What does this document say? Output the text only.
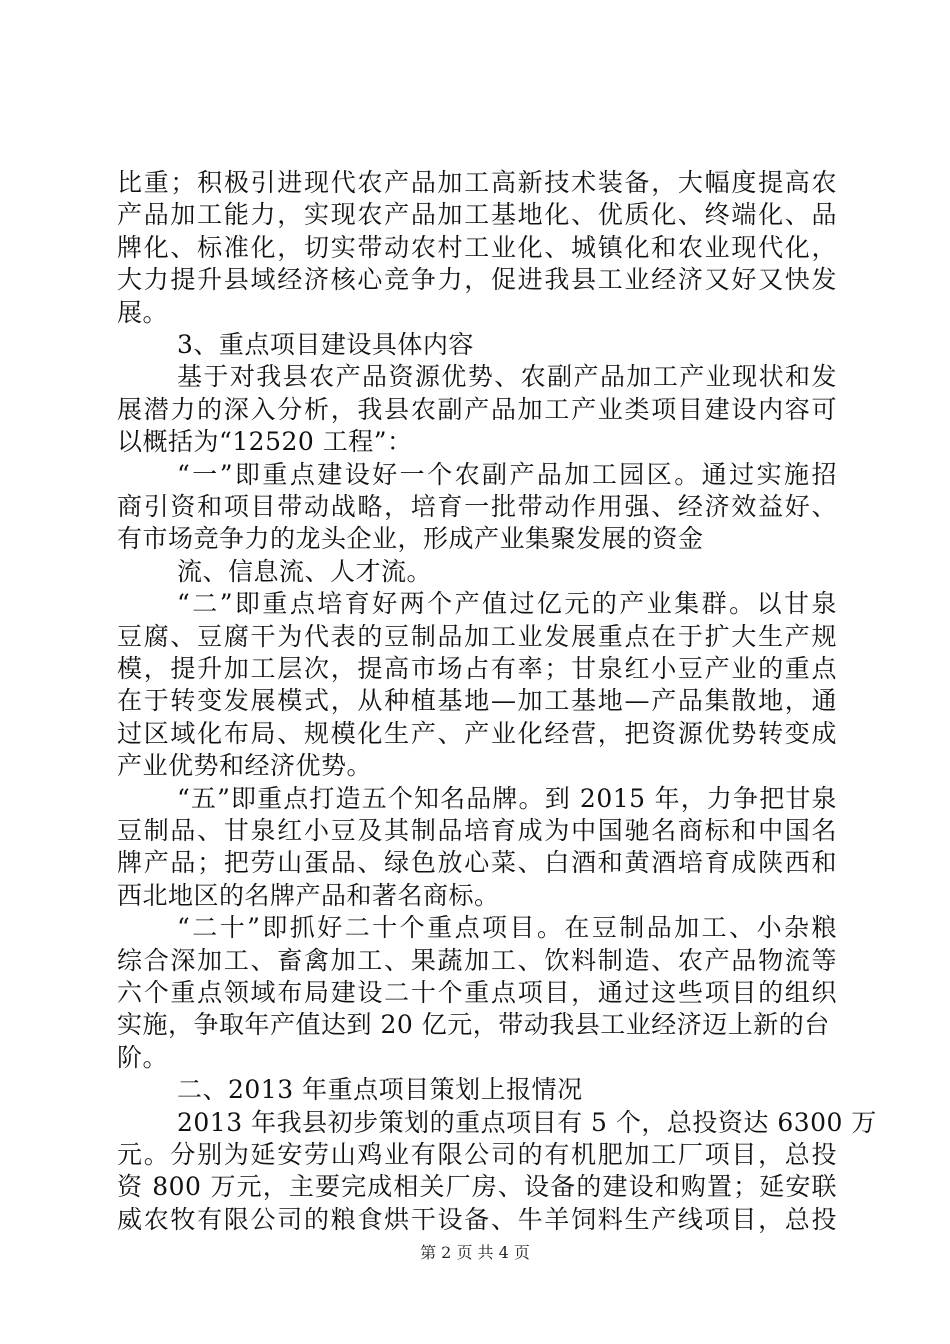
比重；积极引进现代农产品加工高新技术装备，大幅度提高农
产品加工能力，实现农产品加工基地化、优质化、终端化、品
牌化、标准化，切实带动农村工业化、城镇化和农业现代化，
大力提升县域经济核心竞争力，促进我县工业经济又好又快发
展。
3、重点项目建设具体内容
基于对我县农产品资源优势、农副产品加工产业现状和发
展潜力的深入分析，我县农副产品加工产业类项目建设内容可
以概括为“12520 工程”：
“一”即重点建设好一个农副产品加工园区。通过实施招
商引资和项目带动战略，培育一批带动作用强、经济效益好、
有市场竞争力的龙头企业，形成产业集聚发展的资金
流、信息流、人才流。
“二”即重点培育好两个产值过亿元的产业集群。以甘泉
豆腐、豆腐干为代表的豆制品加工业发展重点在于扩大生产规
模，提升加工层次，提高市场占有率；甘泉红小豆产业的重点
在于转变发展模式，从种植基地—加工基地—产品集散地，通
过区域化布局、规模化生产、产业化经营，把资源优势转变成
产业优势和经济优势。
“五”即重点打造五个知名品牌。到 2015 年，力争把甘泉
豆制品、甘泉红小豆及其制品培育成为中国驰名商标和中国名
牌产品；把劳山蛋品、绿色放心菜、白酒和黄酒培育成陕西和
西北地区的名牌产品和著名商标。
“二十”即抓好二十个重点项目。在豆制品加工、小杂粮
综合深加工、畜禽加工、果蔬加工、饮料制造、农产品物流等
六个重点领域布局建设二十个重点项目，通过这些项目的组织
实施，争取年产值达到 20 亿元，带动我县工业经济迈上新的台
阶。
二、2013 年重点项目策划上报情况
2013 年我县初步策划的重点项目有 5 个，总投资达 6300 万
元。分别为延安劳山鸡业有限公司的有机肥加工厂项目，总投
资 800 万元，主要完成相关厂房、设备的建设和购置；延安联
威农牧有限公司的粮食烘干设备、牛羊饲料生产线项目，总投
第 2 页 共 4 页
